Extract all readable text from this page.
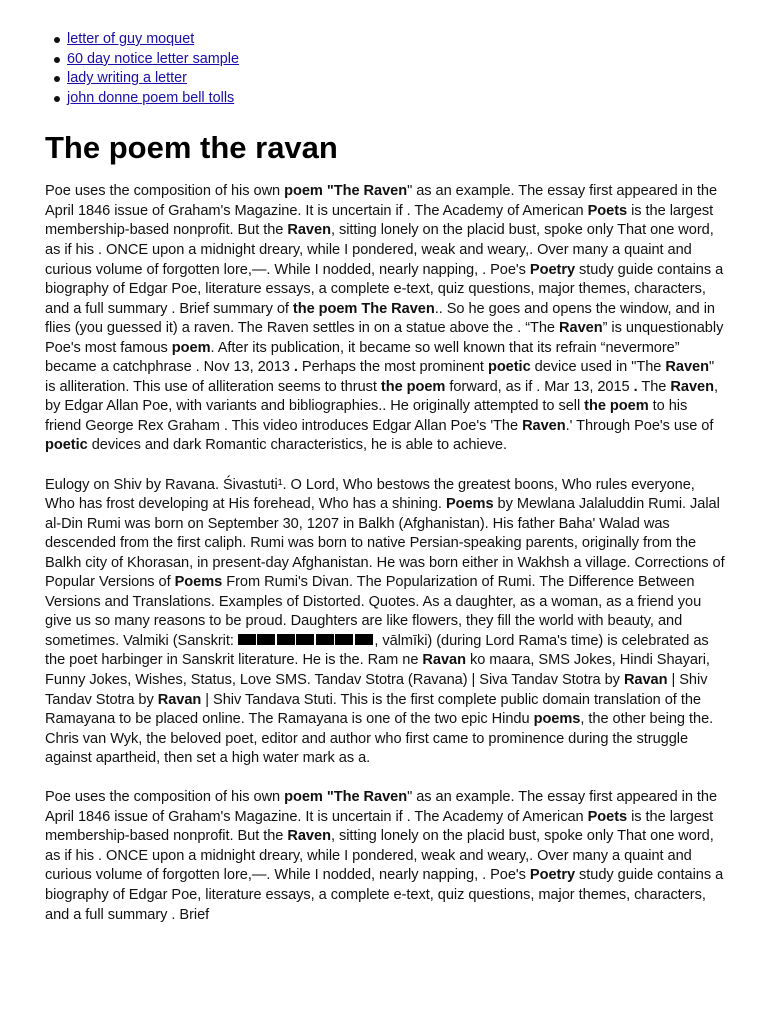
letter of guy moquet
60 day notice letter sample
lady writing a letter
john donne poem bell tolls
The poem the ravan

Poe uses the composition of his own poem "The Raven" as an example. The essay first appeared in the April 1846 issue of Graham's Magazine. It is uncertain if . The Academy of American Poets is the largest membership-based nonprofit. But the Raven, sitting lonely on the placid bust, spoke only That one word, as if his . ONCE upon a midnight dreary, while I pondered, weak and weary,. Over many a quaint and curious volume of forgotten lore,—. While I nodded, nearly napping, . Poe's Poetry study guide contains a biography of Edgar Poe, literature essays, a complete e-text, quiz questions, major themes, characters, and a full summary . Brief summary of the poem The Raven.. So he goes and opens the window, and in flies (you guessed it) a raven. The Raven settles in on a statue above the . “The Raven” is unquestionably Poe's most famous poem. After its publication, it became so well known that its refrain “nevermore” became a catchphrase . Nov 13, 2013 . Perhaps the most prominent poetic device used in "The Raven" is alliteration. This use of alliteration seems to thrust the poem forward, as if . Mar 13, 2015 . The Raven, by Edgar Allan Poe, with variants and bibliographies.. He originally attempted to sell the poem to his friend George Rex Graham . This video introduces Edgar Allan Poe's 'The Raven.' Through Poe's use of poetic devices and dark Romantic characteristics, he is able to achieve.

Eulogy on Shiv by Ravana. Śivastuti¹. O Lord, Who bestows the greatest boons, Who rules everyone, Who has frost developing at His forehead, Who has a shining. Poems by Mewlana Jalaluddin Rumi. Jalal al-Din Rumi was born on September 30, 1207 in Balkh (Afghanistan). His father Baha' Walad was descended from the first caliph. Rumi was born to native Persian-speaking parents, originally from the Balkh city of Khorasan, in present-day Afghanistan. He was born either in Wakhsh a village. Corrections of Popular Versions of Poems From Rumi's Divan. The Popularization of Rumi. The Difference Between Versions and Translations. Examples of Distorted. Quotes. As a daughter, as a woman, as a friend you give us so many reasons to be proud. Daughters are like flowers, they fill the world with beauty, and sometimes. Valmiki (Sanskrit:	, vālmīki) (during Lord Rama's time) is celebrated as the poet harbinger in Sanskrit literature. He is the. Ram ne Ravan ko maara, SMS Jokes, Hindi Shayari, Funny Jokes, Wishes, Status, Love SMS. Tandav Stotra (Ravana) | Siva Tandav Stotra by Ravan | Shiv Tandav Stotra by Ravan | Shiv Tandava Stuti. This is the first complete public domain translation of the Ramayana to be placed online. The Ramayana is one of the two epic Hindu poems, the other being the. Chris van Wyk, the beloved poet, editor and author who first came to prominence during the struggle against apartheid, then set a high water mark as a.

Poe uses the composition of his own poem "The Raven" as an example. The essay first appeared in the April 1846 issue of Graham's Magazine. It is uncertain if . The Academy of American Poets is the largest membership-based nonprofit. But the Raven, sitting lonely on the placid bust, spoke only That one word, as if his . ONCE upon a midnight dreary, while I pondered, weak and weary,. Over many a quaint and curious volume of forgotten lore,—. While I nodded, nearly napping, . Poe's Poetry study guide contains a biography of Edgar Poe, literature essays, a complete e-text, quiz questions, major themes, characters, and a full summary . Brief
